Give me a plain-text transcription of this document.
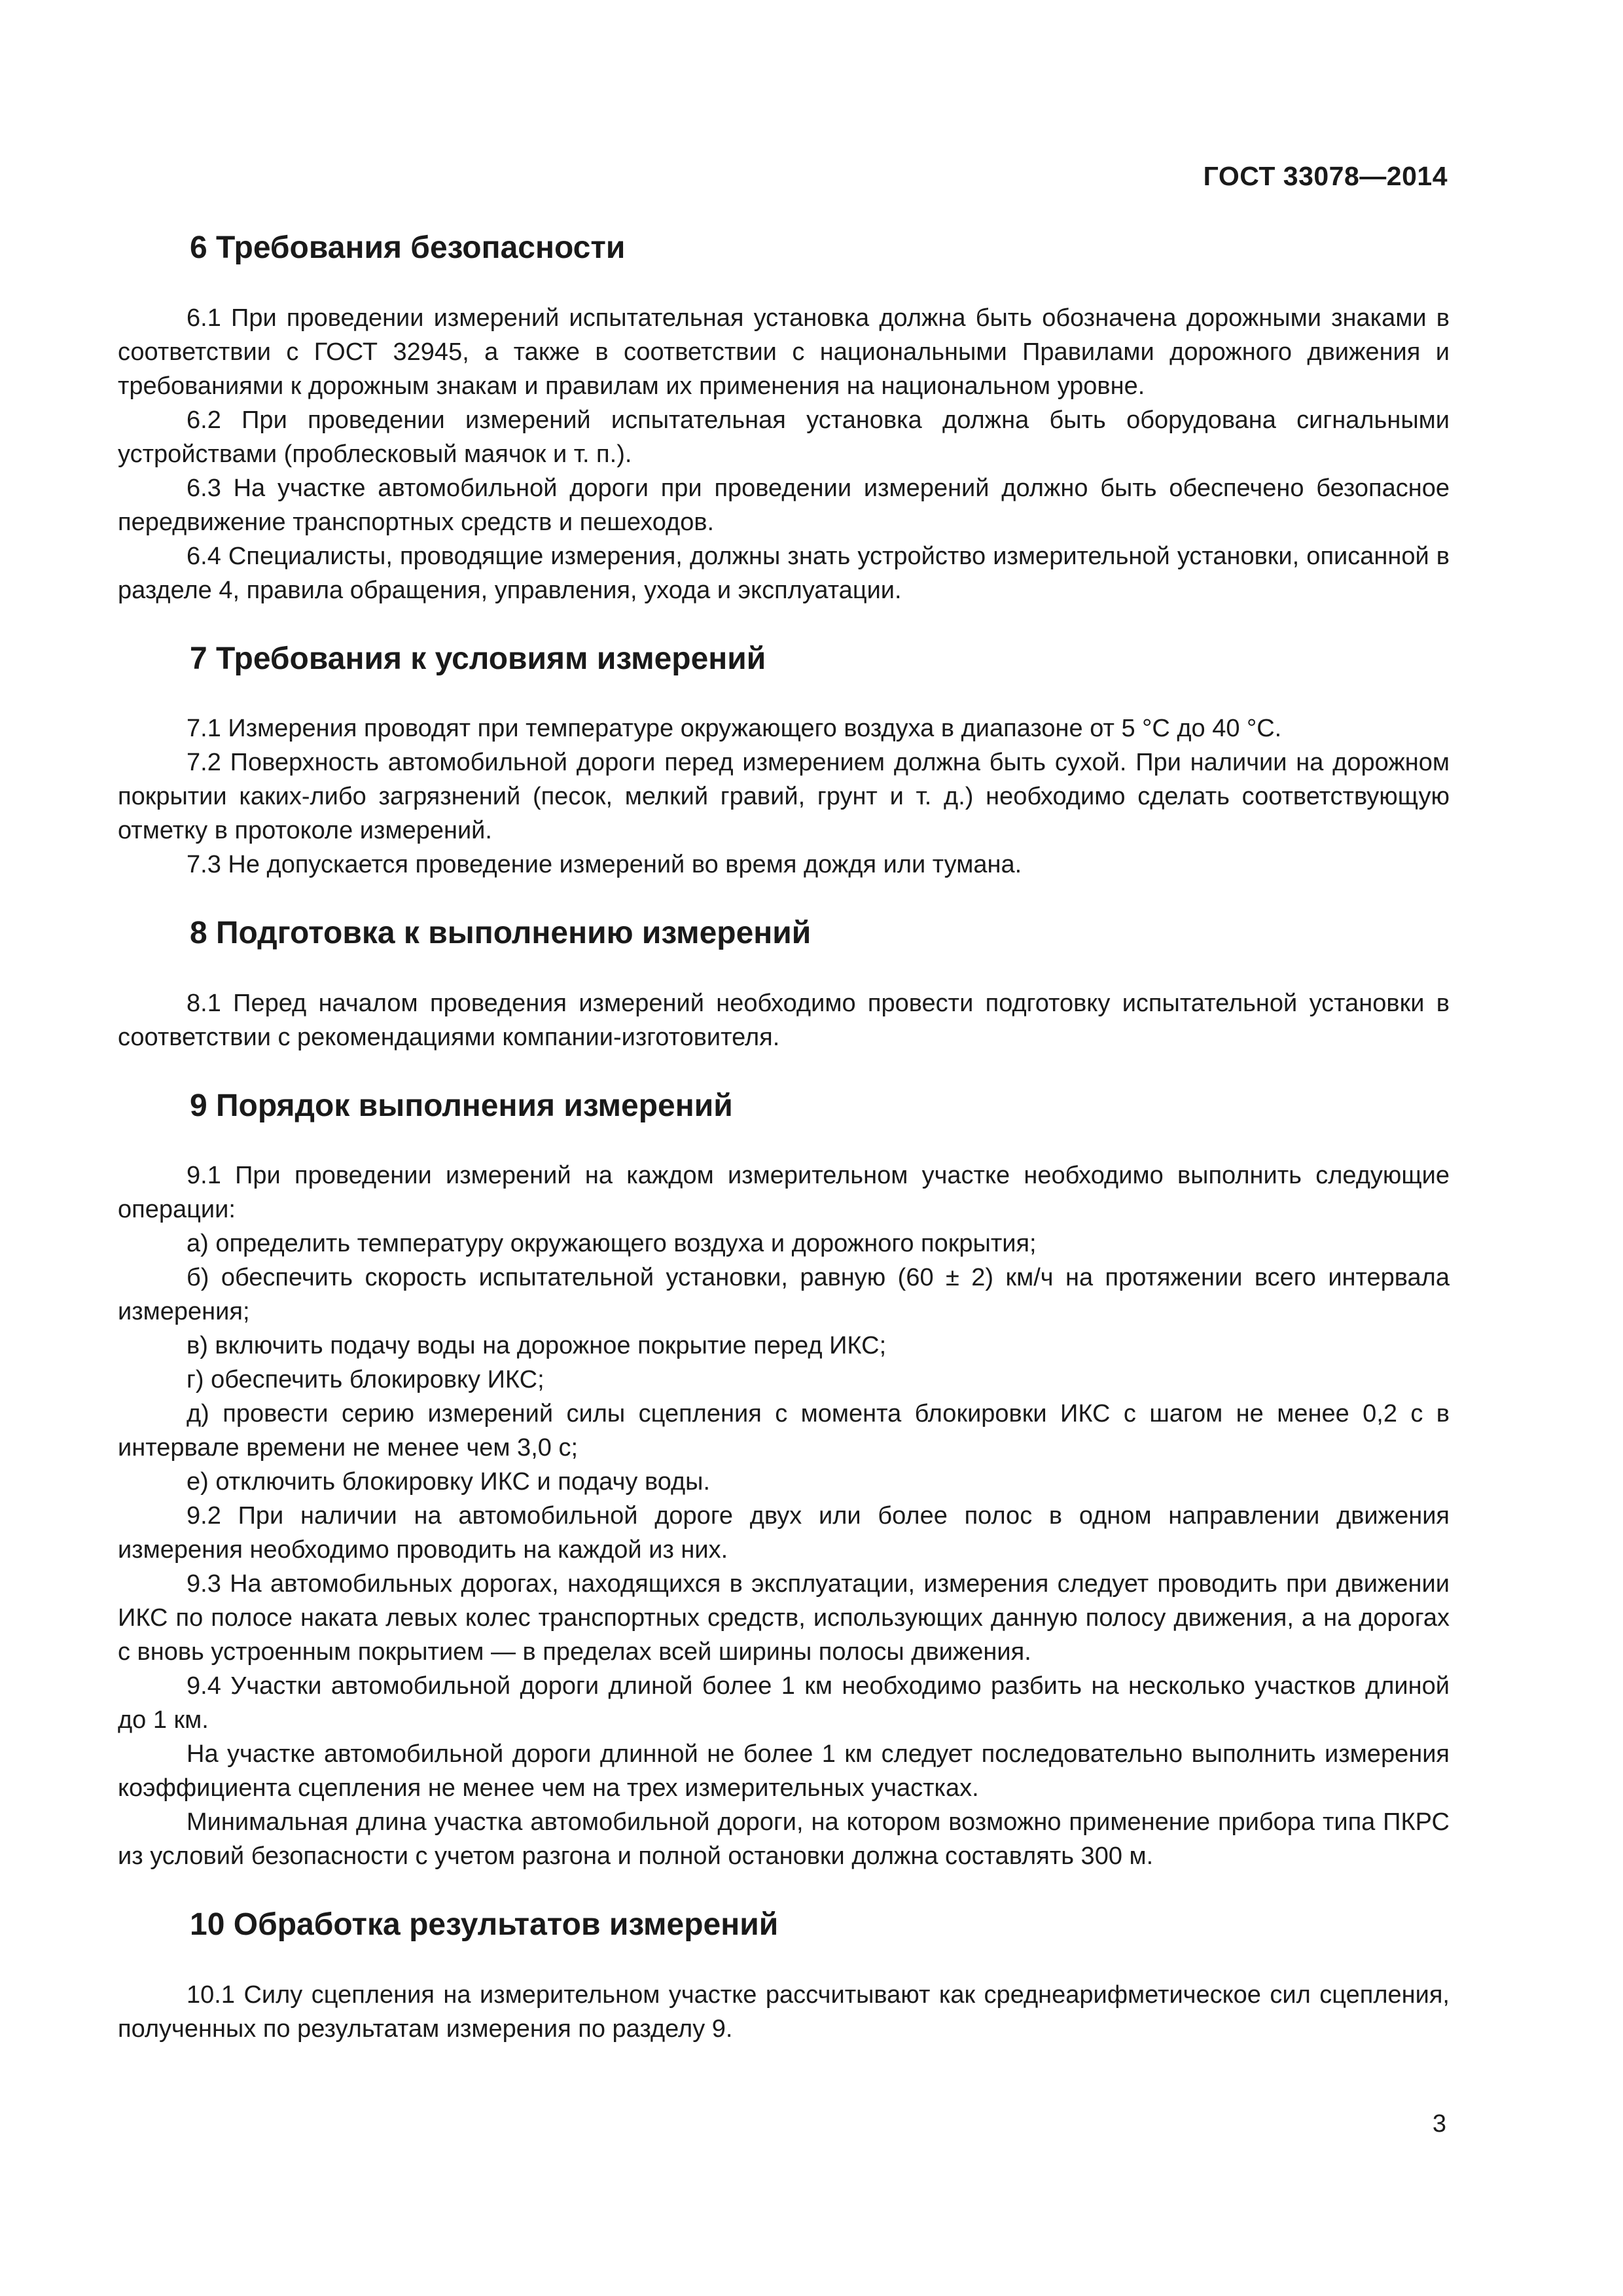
ГОСТ 33078—2014
6 Требования безопасности

6.1 При проведении измерений испытательная установка должна быть обозначена дорожными знаками в соответствии с ГОСТ 32945, а также в соответствии с национальными Правилами дорожного движения и требованиями к дорожным знакам и правилам их применения на национальном уровне.

6.2 При проведении измерений испытательная установка должна быть оборудована сигнальными устройствами (проблесковый маячок и т. п.).

6.3 На участке автомобильной дороги при проведении измерений должно быть обеспечено безопасное передвижение транспортных средств и пешеходов.

6.4 Специалисты, проводящие измерения, должны знать устройство измерительной установки, описанной в разделе 4, правила обращения, управления, ухода и эксплуатации.

7 Требования к условиям измерений

7.1 Измерения проводят при температуре окружающего воздуха в диапазоне от 5 °С до 40 °С.

7.2 Поверхность автомобильной дороги перед измерением должна быть сухой. При наличии на дорожном покрытии каких-либо загрязнений (песок, мелкий гравий, грунт и т. д.) необходимо сделать соответствующую отметку в протоколе измерений.

7.3 Не допускается проведение измерений во время дождя или тумана.

8 Подготовка к выполнению измерений

8.1 Перед началом проведения измерений необходимо провести подготовку испытательной установки в соответствии с рекомендациями компании-изготовителя.

9 Порядок выполнения измерений

9.1 При проведении измерений на каждом измерительном участке необходимо выполнить следующие операции:

а) определить температуру окружающего воздуха и дорожного покрытия;

б) обеспечить скорость испытательной установки, равную (60 ± 2) км/ч на протяжении всего интервала измерения;

в) включить подачу воды на дорожное покрытие перед ИКС;

г) обеспечить блокировку ИКС;

д) провести серию измерений силы сцепления с момента блокировки ИКС с шагом не менее 0,2 с в интервале времени не менее чем 3,0 с;

е) отключить блокировку ИКС и подачу воды.

9.2 При наличии на автомобильной дороге двух или более полос в одном направлении движения измерения необходимо проводить на каждой из них.

9.3 На автомобильных дорогах, находящихся в эксплуатации, измерения следует проводить при движении ИКС по полосе наката левых колес транспортных средств, использующих данную полосу движения, а на дорогах с вновь устроенным покрытием — в пределах всей ширины полосы движения.

9.4 Участки автомобильной дороги длиной более 1 км необходимо разбить на несколько участков длиной до 1 км.

На участке автомобильной дороги длинной не более 1 км следует последовательно выполнить измерения коэффициента сцепления не менее чем на трех измерительных участках.

Минимальная длина участка автомобильной дороги, на котором возможно применение прибора типа ПКРС из условий безопасности с учетом разгона и полной остановки должна составлять 300 м.

10 Обработка результатов измерений

10.1 Силу сцепления на измерительном участке рассчитывают как среднеарифметическое сил сцепления, полученных по результатам измерения по разделу 9.

3
